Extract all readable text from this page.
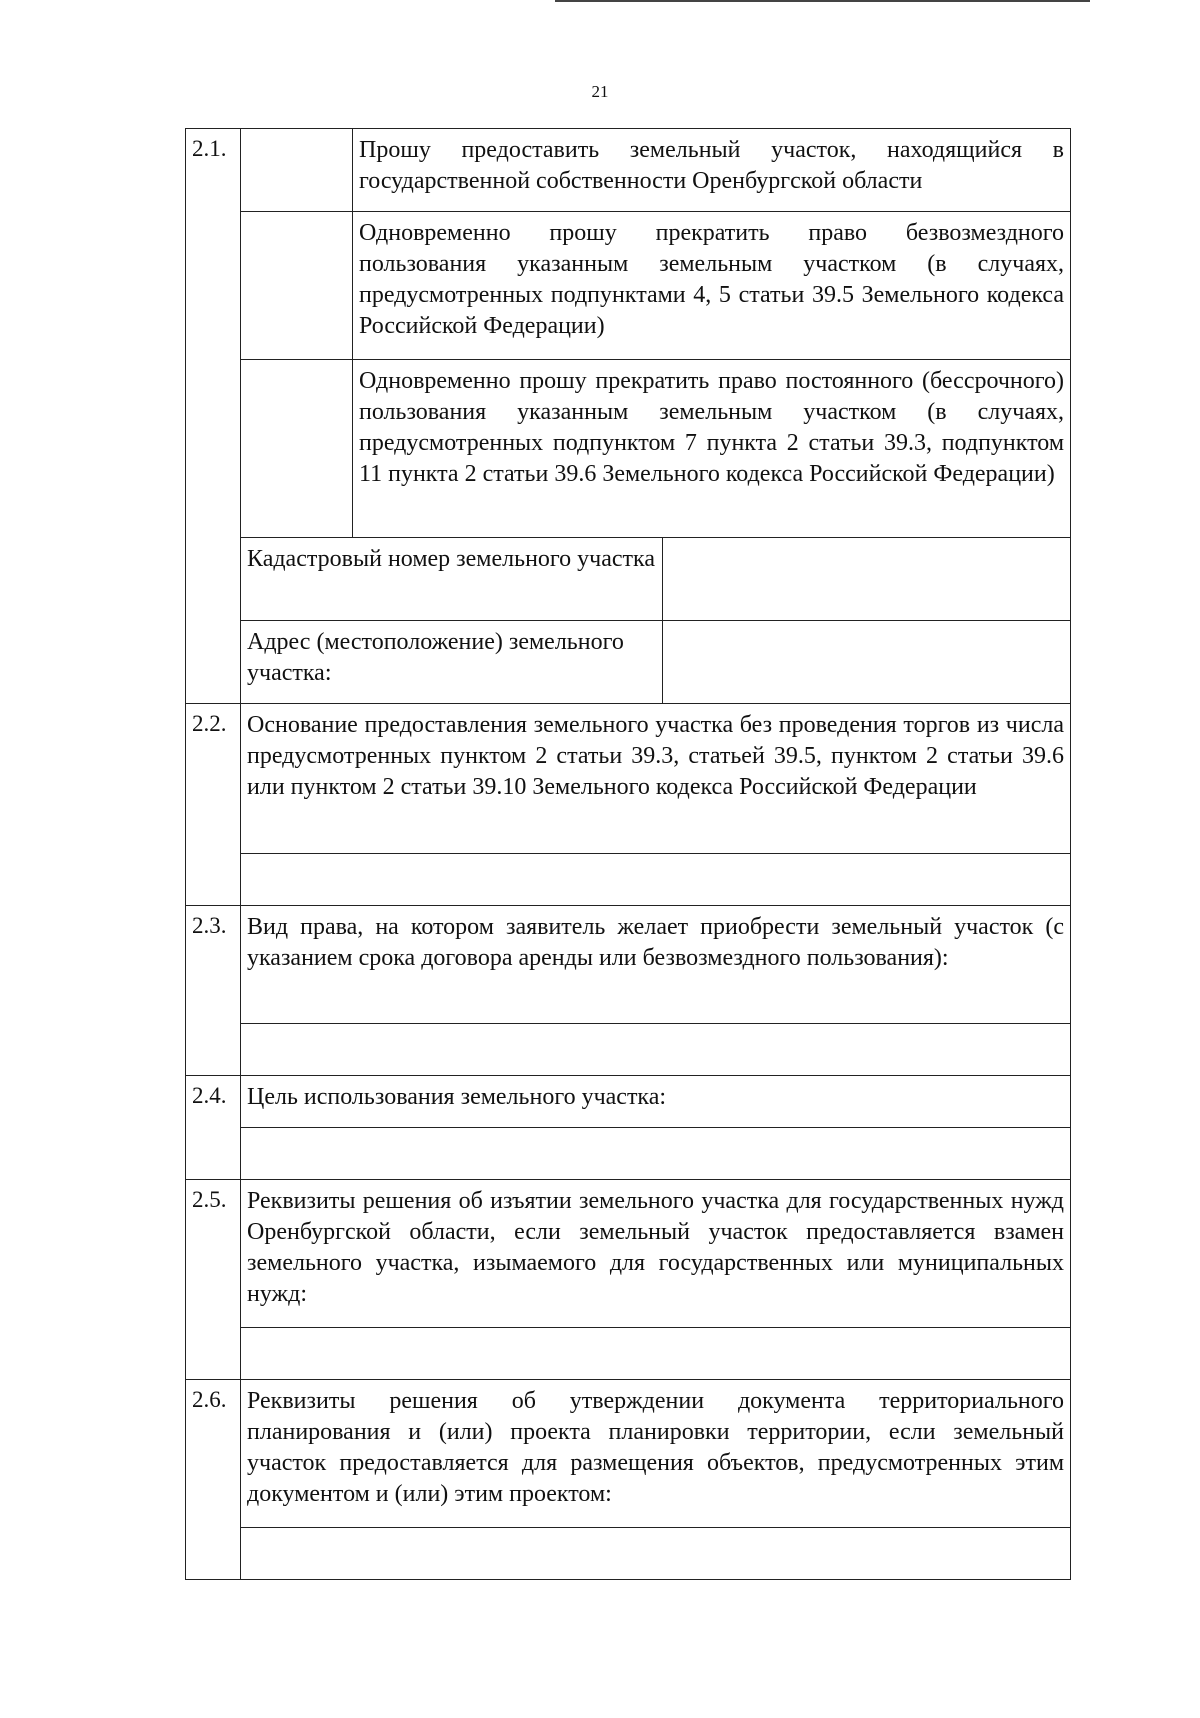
21
2.1.		Прошу предоставить земельный участок, находящийся в государственной собственности Оренбургской области	
		Одновременно прошу прекратить право безвозмездного пользования указанным земельным участком (в случаях, предусмотренных подпунктами 4, 5 статьи 39.5 Земельного кодекса Российской Федерации)	
		Одновременно прошу прекратить право постоянного (бессрочного) пользования указанным земельным участком (в случаях, предусмотренных подпунктом 7 пункта 2 статьи 39.3, подпунктом 11 пункта 2 статьи 39.6 Земельного кодекса Российской Федерации)	
	Кадастровый номер земельного участка		
	Адрес (местоположение) земельного участка:		
2.2.	Основание предоставления земельного участка без проведения торгов из числа предусмотренных пунктом 2 статьи 39.3, статьей 39.5, пунктом 2 статьи 39.6 или пунктом 2 статьи 39.10 Земельного кодекса Российской Федерации		

2.3.	Вид права, на котором заявитель желает приобрести земельный участок (с указанием срока договора аренды или безвозмездного пользования):		

2.4.	Цель использования земельного участка:		

2.5.	Реквизиты решения об изъятии земельного участка для государственных нужд Оренбургской области, если земельный участок предоставляется взамен земельного участка, изымаемого для государственных или муниципальных нужд:		

2.6.	Реквизиты решения об утверждении документа территориального планирования и (или) проекта планировки территории, если земельный участок предоставляется для размещения объектов, предусмотренных этим документом и (или) этим проектом:		
